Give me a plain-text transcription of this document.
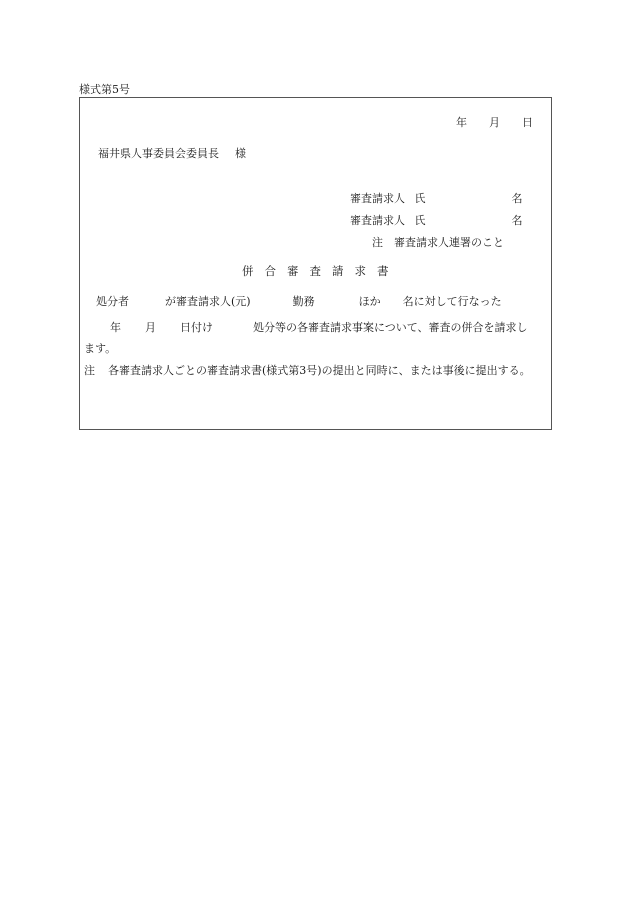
様式第5号
年 月 日
福井県人事委員会委員長 様
審査請求人 氏	名
審査請求人 氏	名
注 審査請求人連署のこと
併合審査請求書
処分者	が審査請求人(元)	勤務	ほか 名に対して行なった
年 月 日付け	処分等の各審査請求事案について、審査の併合を請求し
ます。
注 各審査請求人ごとの審査請求書(様式第3号)の提出と同時に、または事後に提出する。
